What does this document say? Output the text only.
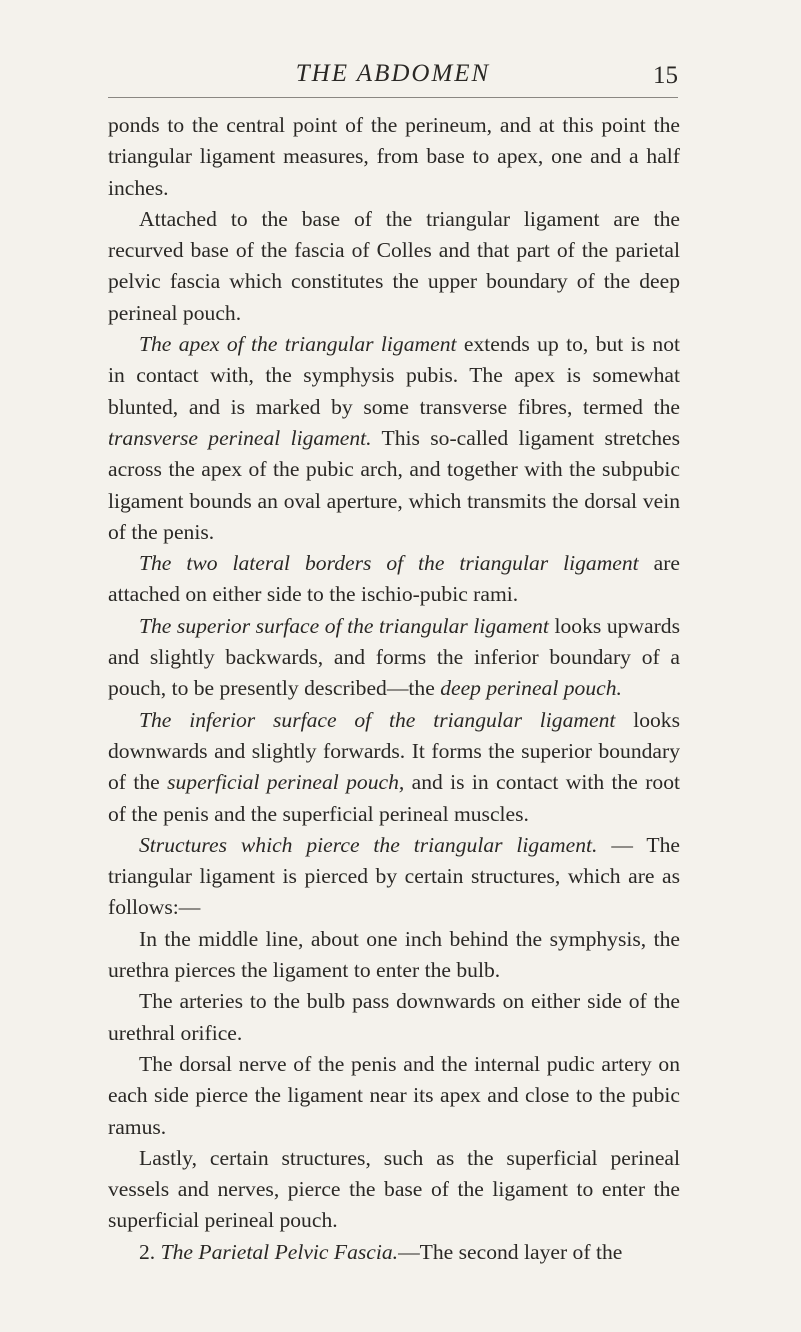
THE ABDOMEN	15

ponds to the central point of the perineum, and at this point the triangular ligament measures, from base to apex, one and a half inches.

Attached to the base of the triangular ligament are the recurved base of the fascia of Colles and that part of the parietal pelvic fascia which constitutes the upper boundary of the deep perineal pouch.

The apex of the triangular ligament extends up to, but is not in contact with, the symphysis pubis. The apex is somewhat blunted, and is marked by some transverse fibres, termed the transverse perineal ligament. This so-called ligament stretches across the apex of the pubic arch, and together with the subpubic ligament bounds an oval aperture, which transmits the dorsal vein of the penis.

The two lateral borders of the triangular ligament are attached on either side to the ischio-pubic rami.

The superior surface of the triangular ligament looks upwards and slightly backwards, and forms the inferior boundary of a pouch, to be presently described—the deep perineal pouch.

The inferior surface of the triangular ligament looks downwards and slightly forwards. It forms the superior boundary of the superficial perineal pouch, and is in contact with the root of the penis and the superficial perineal muscles.

Structures which pierce the triangular ligament. — The triangular ligament is pierced by certain structures, which are as follows:—

In the middle line, about one inch behind the symphysis, the urethra pierces the ligament to enter the bulb.

The arteries to the bulb pass downwards on either side of the urethral orifice.

The dorsal nerve of the penis and the internal pudic artery on each side pierce the ligament near its apex and close to the pubic ramus.

Lastly, certain structures, such as the superficial perineal vessels and nerves, pierce the base of the ligament to enter the superficial perineal pouch.

2. The Parietal Pelvic Fascia.—The second layer of the
